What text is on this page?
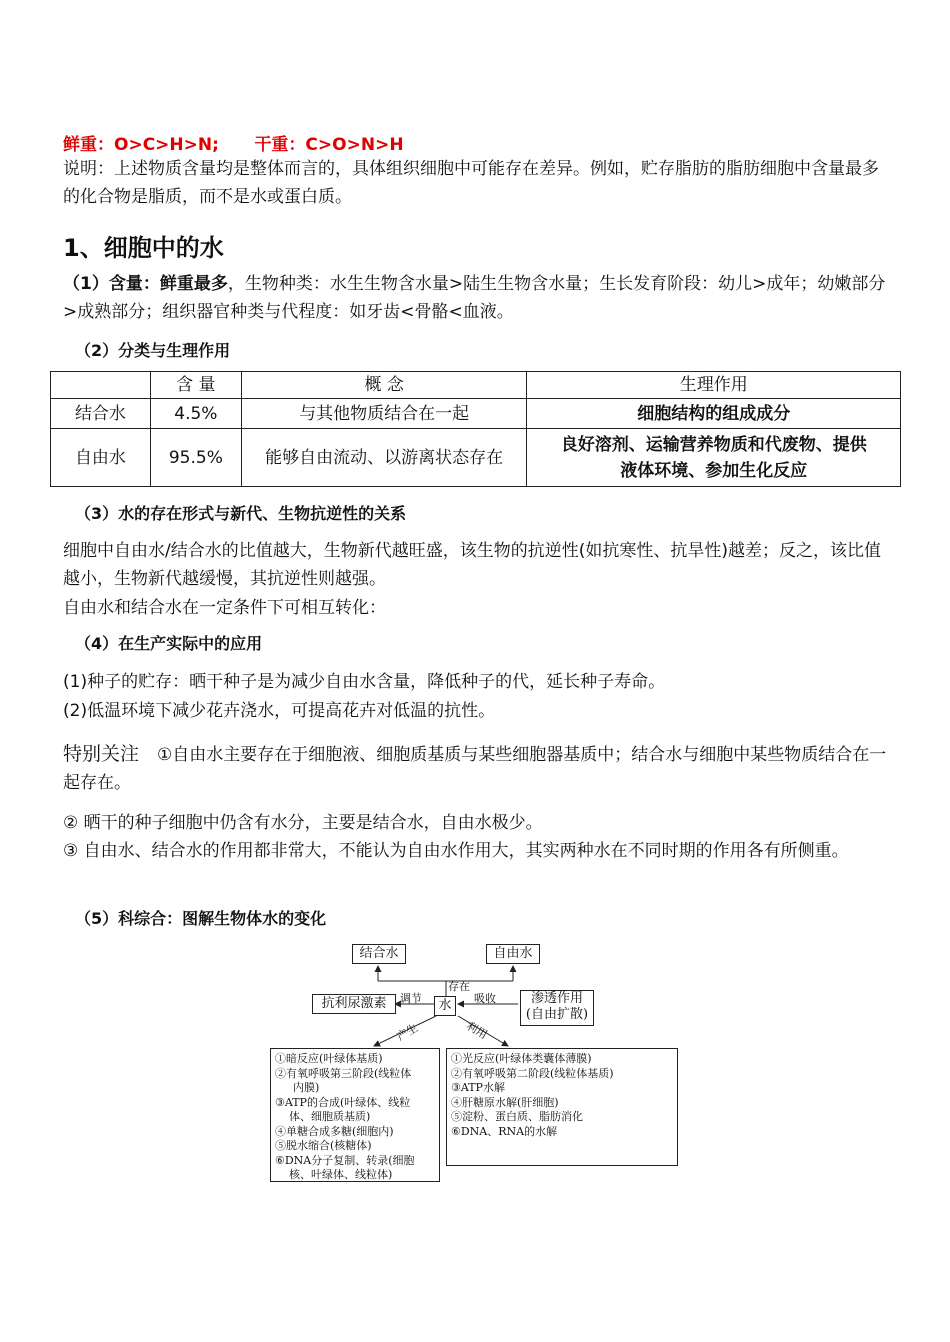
鲜重：O>C>H>N; 干重：C>O>N>H
说明：上述物质含量均是整体而言的，具体组织细胞中可能存在差异。例如，贮存脂肪的脂肪细胞中含量最多的化合物是脂质，而不是水或蛋白质。
1、细胞中的水
（1）含量：鲜重最多，生物种类：水生生物含水量>陆生生物含水量；生长发育阶段：幼儿>成年；幼嫩部分>成熟部分；组织器官种类与代程度：如牙齿<骨骼<血液。
（2）分类与生理作用
	含 量	概 念	生理作用
结合水	4.5%	与其他物质结合在一起	细胞结构的组成成分
自由水	95.5%	能够自由流动、以游离状态存在	良好溶剂、运输营养物质和代废物、提供液体环境、参加生化反应
（3）水的存在形式与新代、生物抗逆性的关系
细胞中自由水/结合水的比值越大，生物新代越旺盛，该生物的抗逆性(如抗寒性、抗旱性)越差；反之，该比值越小，生物新代越缓慢，其抗逆性则越强。
自由水和结合水在一定条件下可相互转化：
（4）在生产实际中的应用
(1)种子的贮存：晒干种子是为减少自由水含量，降低种子的代，延长种子寿命。
(2)低温环境下减少花卉浇水，可提高花卉对低温的抗性。
特别关注 ①自由水主要存在于细胞液、细胞质基质与某些细胞器基质中；结合水与细胞中某些物质结合在一起存在。
② 晒干的种子细胞中仍含有水分，主要是结合水，自由水极少。
③ 自由水、结合水的作用都非常大，不能认为自由水作用大，其实两种水在不同时期的作用各有所侧重。
（5）科综合：图解生物体水的变化
结合水	自由水
存在
水
抗利尿激素	调节	吸收	渗透作用
(自由扩散)
产生	利用
①暗反应(叶绿体基质)
②有氧呼吸第三阶段(线粒体
内膜)
③ATP的合成(叶绿体、线粒
体、细胞质基质)
④单糖合成多糖(细胞内)
⑤脱水缩合(核糖体)
⑥DNA分子复制、转录(细胞
核、叶绿体、线粒体)
①光反应(叶绿体类囊体薄膜)
②有氧呼吸第二阶段(线粒体基质)
③ATP水解
④肝糖原水解(肝细胞)
⑤淀粉、蛋白质、脂肪消化
⑥DNA、RNA的水解
